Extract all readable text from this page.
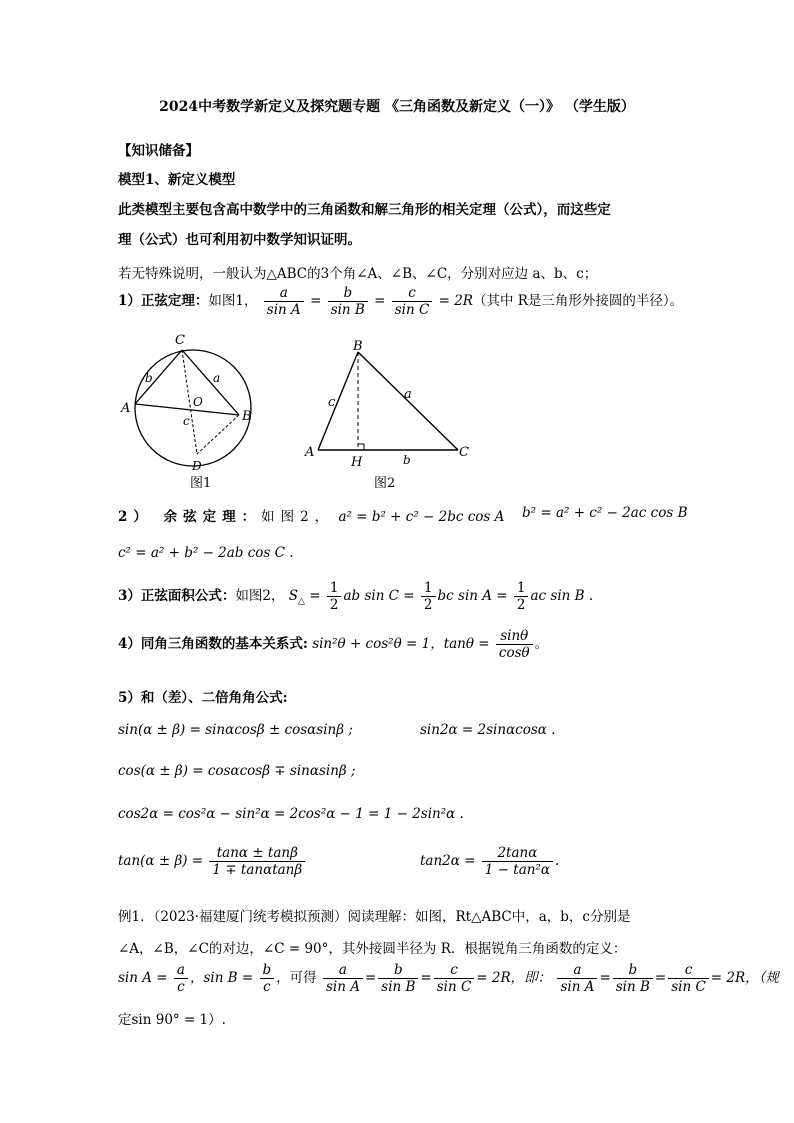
2024中考数学新定义及探究题专题 《三角函数及新定义（一）》 （学生版）
【知识储备】
模型1、新定义模型
此类模型主要包含高中数学中的三角函数和解三角形的相关定理（公式），而这些定
理（公式）也可利用初中数学知识证明。
若无特殊说明，一般认为△ABC的3个角∠A、∠B、∠C，分别对应边 a、b、c；
1）正弦定理：如图1， $\frac{a}{\text{sin A}} = \frac{b}{\text{sin B}} = \frac{c}{\text{sin C}} = 2R$（其中 R是三角形外接圆的半径）。
C
A
B
D
O
a
b
c
图1
B
A	C
H
a
b
c
图2
2） 余弦定理：如图2， a² = b² + c² − 2bc cos A b² = a² + c² − 2ac cos B
c² = a² + b² − 2ab cos C .
3）正弦面积公式：如图2， $S_\triangle = \frac{1}{2}$ ab $\sin C = \frac{1}{2}$ bc $\sin A = \frac{1}{2}$ ac sin B .
4）同角三角函数的基本关系式: sin²θ + cos²θ = 1，$\tan\theta = \frac{\sin\theta}{\cos\theta}$ 。
5）和（差）、二倍角角公式:
sin(α ± β) = sinαcosβ ± cosαsinβ ;	sin2α = 2sinαcosα .
cos(α ± β) = cosαcosβ ∓ sinαsinβ ;
cos2α = cos²α − sin²α = 2cos²α − 1 = 1 − 2sin²α .
$\tan(\alpha \pm \beta) = \frac{\tan\alpha \pm \tan\beta}{1 \mp \tan\alpha\tan\beta}$	$\tan 2\alpha = \frac{2\tan\alpha}{\text{1 − tan²α}}$ .
例1．（2023·福建厦门统考模拟预测）阅读理解：如图，Rt△ABC中，a，b，c分别是
∠A，∠B，∠C的对边，∠C = 90°，其外接圆半径为 R．根据锐角三角函数的定义：
$\sin A = \frac{a}{c}$ ，$\sin B = \frac{b}{c}$ ，可得 $\frac{a}{\text{sin A}} = \frac{b}{\text{sin B}} = \frac{c}{\text{sin C}} = 2R$，即： $\frac{a}{\text{sin A}} = \frac{b}{\text{sin B}} = \frac{c}{\text{sin C}} = 2R$，（规
定sin 90° = 1）.
